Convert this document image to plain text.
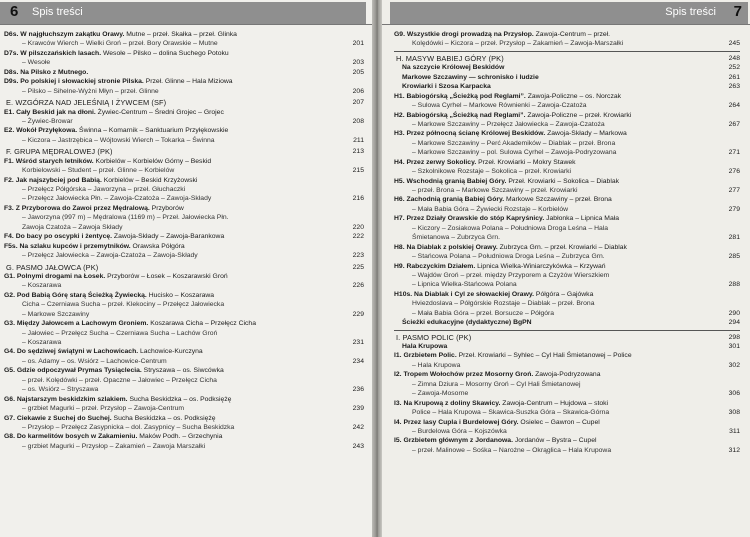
6 Spis treści
D6s. W najgłuchszym zakątku Orawy. Mutne – przeł. Skałka – przeł. Glinka
– Krawców Wierch – Wielki Groń – przeł. Bory Orawskie – Mutne	201
D7s. W pilszczańskich lasach. Wesołe – Pilsko – dolina Suchego Potoku
– Wesołe	203
D8s. Na Pilsko z Mutnego.	205
D9s. Po polskiej i słowackiej stronie Pilska. Przeł. Glinne – Hala Miziowa
– Pilsko – Sihelne-Wyżni Młyn – przeł. Glinne	206
E. WZGÓRZA NAD JELEŚNIĄ I ŻYWCEM (SF)	207
E1. Cały Beskid jak na dłoni. Żywiec-Centrum – Średni Grojec – Grojec
– Żywiec-Browar	208
E2. Wokół Przyłękowa. Świnna – Komarnik – Sanktuarium Przyłękowskie
– Kiczora – Jastrzębica – Wójtowski Wierch – Tokarka – Świnna	211
F. GRUPA MĘDRALOWEJ (PK)	213
F1. Wśród starych letników. Korbielów – Korbielów Górny – Beskid
Korbielowski – Student – przeł. Glinne – Korbielów	215
F2. Jak najszybciej pod Babią. Korbielów – Beskid Krzyżowski
– Przełęcz Półgórska – Jaworzyna – przeł. Głuchaczki
– Przełęcz Jałowiecka Płn. – Zawoja-Czatoża – Zawoja-Składy	216
F3. Z Przyborowa do Zawoi przez Mędralową. Przyborów
– Jaworzyna (997 m) – Mędralowa (1169 m) – Przeł. Jałowiecka Płn.
Zawoja Czatoża – Zawoja Składy	220
F4. Do bacy po oscypki i żentycę. Zawoja-Składy – Zawoja-Barankowa	222
F5s. Na szlaku kupców i przemytników. Orawska Półgóra
– Przełęcz Jałowiecka – Zawoja-Czatoża – Zawoja-Składy	223
G. PASMO JAŁOWCA (PK)	225
G1. Polnymi drogami na Łosek. Przyborów – Łosek – Koszarawski Groń
– Koszarawa	226
G2. Pod Babią Górę starą Ścieżką Żywiecką. Hucisko – Koszarawa
Cicha – Czerniawa Sucha – przeł. Klekociny – Przełęcz Jałowiecka
– Markowe Szczawiny	229
G3. Między Jałowcem a Lachowym Groniem. Koszarawa Cicha – Przełęcz Cicha
– Jałowiec – Przełęcz Sucha – Czerniawa Sucha – Lachów Groń
– Koszarawa	231
G4. Do sędziwej świątyni w Lachowicach. Lachowice-Kurczyna
– os. Adamy – os. Wsiórz – Lachowice-Centrum	234
G5. Gdzie odpoczywał Prymas Tysiąclecia. Stryszawa – os. Siwcówka
– przeł. Kolędówki – przeł. Opaczne – Jałowiec – Przełęcz Cicha
– os. Wsiórz – Stryszawa	236
G6. Najstarszym beskidzkim szlakiem. Sucha Beskidzka – os. Podksiężę
– grzbiet Magurki – przeł. Przysłop – Zawoja-Centrum	239
G7. Ciekawie z Suchej do Suchej. Sucha Beskidzka – os. Podksiężę
– Przysłop – Przełęcz Zasypnicka – dol. Zasypnicy – Sucha Beskidzka	242
G8. Do karmelitów bosych w Zakamieniu. Maków Podh. – Grzechynia
– grzbiet Magurki – Przysłop – Zakamień – Zawoja Marszałki	243
Spis treści 7
G9. Wszystkie drogi prowadzą na Przysłop. Zawoja-Centrum – przeł.
Kolędówki – Kiczora – przeł. Przysłop – Zakamień – Zawoja-Marszałki	245
H. MASYW BABIEJ GÓRY (PK)	248
Na szczycie Królowej Beskidów	252
Markowe Szczawiny — schronisko i ludzie	261
Krowiarki i Szosa Karpacka	263
H1. Babiogórską „Ścieżką pod Reglami”. Zawoja-Policzne – os. Norczak
– Sulowa Cyrhel – Markowe Równienki – Zawoja-Czatoża	264
H2. Babiogórską „Ścieżką nad Reglami”. Zawoja-Policzne – przeł. Krowiarki
– Markowe Szczawiny – Przełęcz Jałowiecka – Zawoja-Czatoża	267
H3. Przez północną ścianę Królowej Beskidów. Zawoja-Składy – Markowa
– Markowe Szczawiny – Perć Akademików – Diablak – przeł. Brona
– Markowe Szczawiny – pol. Sulowa Cyrhel – Zawoja-Podryzowana	271
H4. Przez zerwy Sokolicy. Przeł. Krowiarki – Mokry Stawek
– Szkolnikowe Rozstaje – Sokolica – przeł. Krowiarki	276
H5. Wschodnią granią Babiej Góry. Przeł. Krowiarki – Sokolica – Diablak
– przeł. Brona – Markowe Szczawiny – przeł. Krowiarki	277
H6. Zachodnią granią Babiej Góry. Markowe Szczawiny – przeł. Brona
– Mała Babia Góra – Żywiecki Rozstaje – Korbielów	279
H7. Przez Działy Orawskie do stóp Kapryśnicy. Jabłonka – Lipnica Mała
– Kiczory – Zosiakowa Polana – Południowa Droga Leśna – Hala
Śmietanowa – Zubrzyca Grn.	281
H8. Na Diablak z polskiej Orawy. Zubrzyca Grn. – przeł. Krowiarki – Diablak
– Stańcowa Polana – Południowa Droga Leśna – Zubrzyca Grn.	285
H9. Rabczyckim Działem. Lipnica Wielka-Winiarczykówka – Krzywań
– Wajdów Groń – przeł. między Przyporem a Czyżów Wierszkiem
– Lipnica Wielka-Stańcowa Polana	288
H10s. Na Diablak i Cyl ze słowackiej Orawy. Półgóra – Gajówka
Hviezdoslava – Półgórskie Rozstaje – Diablak – przeł. Brona
– Mała Babia Góra – przeł. Borsucze – Półgóra	290
Ścieżki edukacyjne (dydaktyczne) BgPN	294
I. PASMO POLIC (PK)	298
Hala Krupowa	301
I1. Grzbietem Polic. Przeł. Krowiarki – Syhlec – Cyl Hali Śmietanowej – Police
– Hala Krupowa	302
I2. Tropem Wołochów przez Mosorny Groń. Zawoja-Podryzowana
– Zimna Dziura – Mosorny Groń – Cyl Hali Śmietanowej
– Zawoja-Mosorne	306
I3. Na Krupową z doliny Skawicy. Zawoja-Centrum – Hujdowa – stoki
Police – Hala Krupowa – Skawica-Suszka Góra – Skawica-Górna	308
I4. Przez lasy Cupla i Burdelowej Góry. Osielec – Gawron – Cupel
– Burdelowa Góra – Kojszówka	311
I5. Grzbietem głównym z Jordanowa. Jordanów – Bystra – Cupel
– przeł. Malinowe – Sośka – Narożne – Okrąglica – Hala Krupowa	312
